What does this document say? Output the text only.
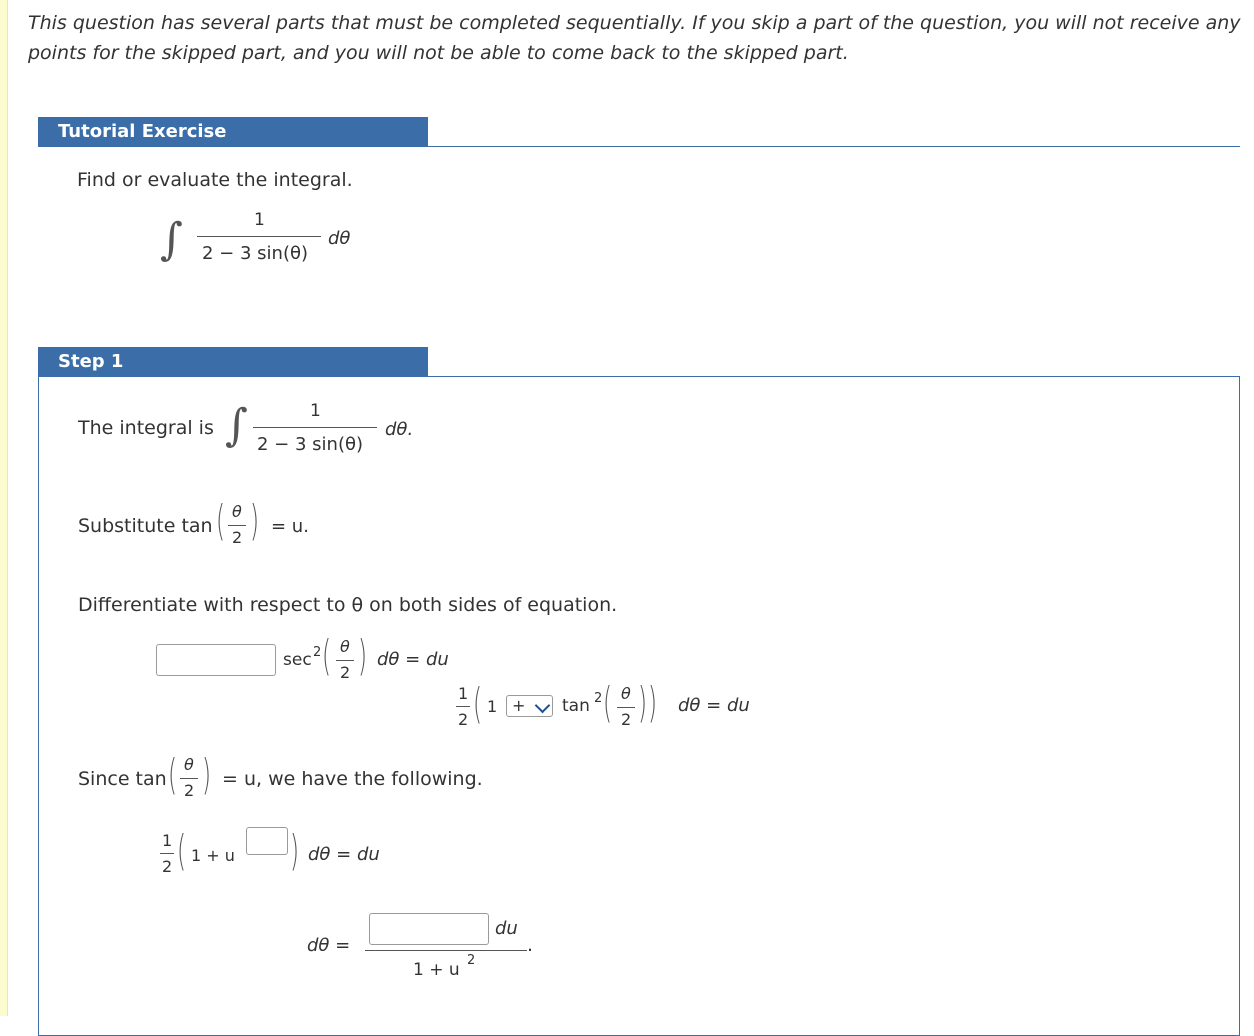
This question has several parts that must be completed sequentially. If you skip a part of the question, you will not receive any points for the skipped part, and you will not be able to come back to the skipped part.
Tutorial Exercise
Find or evaluate the integral.
∫	1
2 − 3 sin(θ)
dθ
Step 1
The integral is ∫	1
2 − 3 sin(θ)
dθ.
Substitute tan ( θ
2 ) = u.
Differentiate with respect to θ on both sides of equation.
sec 2 ( θ
2 ) dθ = du
1
2 ( 1 +	tan 2 ( θ
2 ) ) dθ = du
Since tan ( θ
2 ) = u, we have the following.
1
2 ( 1 + u ) dθ = du
dθ =
du
.
1 + u 2
